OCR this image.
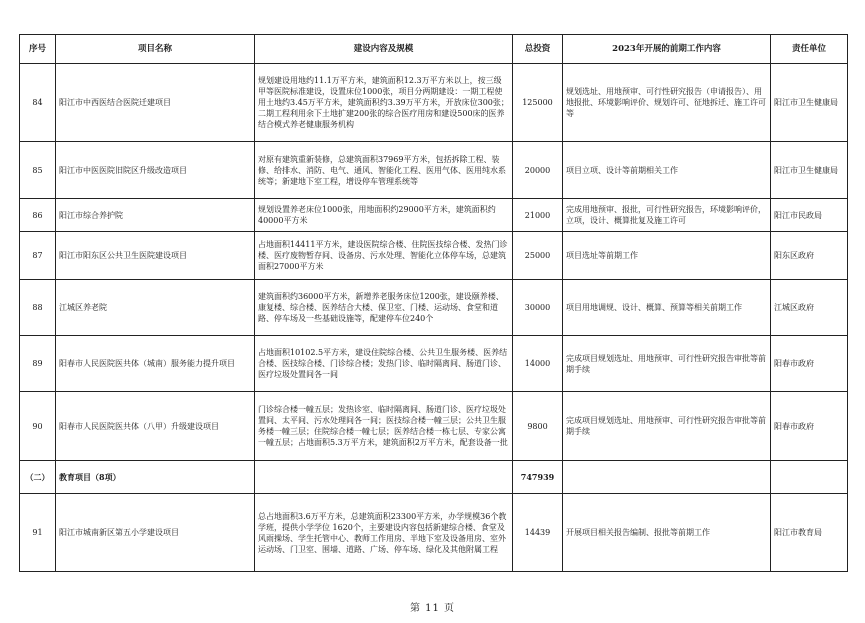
序号	项目名称	建设内容及规模	总投资	2023年开展的前期工作内容	责任单位
84	阳江市中西医结合医院迁建项目	规划建设用地约11.1万平方米，建筑面积12.3万平方米以上，按三级甲等医院标准建设，设置床位1000张，项目分两期建设：一期工程使用土地约3.45万平方米，建筑面积约3.39万平方米，开放床位300张；二期工程利用余下土地扩建200张的综合医疗用房和建设500床的医养结合模式养老健康服务机构	125000	规划选址、用地预审、可行性研究报告（申请报告）、用地报批、环境影响评价、规划许可、征地拆迁、施工许可等	阳江市卫生健康局
85	阳江市中医医院旧院区升级改造项目	对原有建筑重新装修，总建筑面积37969平方米，包括拆除工程、装修、给排水、消防、电气、通风、智能化工程、医用气体、医用纯水系统等；新建地下室工程，增设停车管理系统等	20000	项目立项、设计等前期相关工作	阳江市卫生健康局
86	阳江市综合养护院	规划设置养老床位1000张，用地面积约29000平方米，建筑面积约40000平方米	21000	完成用地预审、报批，可行性研究报告，环境影响评价，立项，设计、概算批复及施工许可	阳江市民政局
87	阳江市阳东区公共卫生医院建设项目	占地面积14411平方米，建设医院综合楼、住院医技综合楼、发热门诊楼、医疗废物暂存间、设备房、污水处理、智能化立体停车场，总建筑面积27000平方米	25000	项目选址等前期工作	阳东区政府
88	江城区养老院	建筑面积约36000平方米，新增养老服务床位1200张，建设颐养楼、康复楼、综合楼、医养结合大楼、保卫室、门楼、运动场、食堂和道路、停车场及一些基础设施等，配建停车位240个	30000	项目用地调规、设计、概算、预算等相关前期工作	江城区政府
89	阳春市人民医院医共体（城南）服务能力提升项目	占地面积10102.5平方米，建设住院综合楼、公共卫生服务楼、医养结合楼、医技综合楼、门诊综合楼；发热门诊、临时隔离间、肠道门诊、医疗垃圾处置间各一间	14000	完成项目规划选址、用地预审、可行性研究报告审批等前期手续	阳春市政府
90	阳春市人民医院医共体（八甲）升级建设项目	门诊综合楼一幢五层；发热诊室、临时隔离间、肠道门诊、医疗垃圾处置间、太平间、污水处理间各一间；医技综合楼一幢三层；公共卫生服务楼一幢三层；住院综合楼一幢七层；医养结合楼一栋七层、专家公寓一幢五层；占地面积5.3万平方米，建筑面积2万平方米，配套设备一批	9800	完成项目规划选址、用地预审、可行性研究报告审批等前期手续	阳春市政府
（二）	教育项目（8项）		747939		
91	阳江市城南新区第五小学建设项目	总占地面积3.6万平方米，总建筑面积23300平方米，办学规模36个教学班，提供小学学位 1620个，主要建设内容包括新建综合楼、食堂及风雨操场、学生托管中心、教师工作用房、半地下室及设备用房、室外运动场、门卫室、围墙、道路、广场、停车场、绿化及其他附属工程	14439	开展项目相关报告编制、报批等前期工作	阳江市教育局
第 11 页
